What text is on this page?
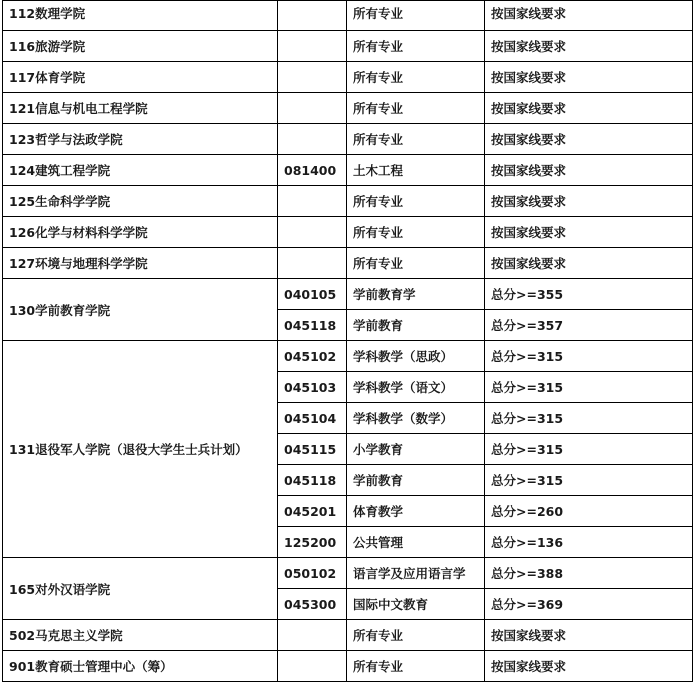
112数理学院		所有专业	按国家线要求
116旅游学院		所有专业	按国家线要求
117体育学院		所有专业	按国家线要求
121信息与机电工程学院		所有专业	按国家线要求
123哲学与法政学院		所有专业	按国家线要求
124建筑工程学院	081400	土木工程	按国家线要求
125生命科学学院		所有专业	按国家线要求
126化学与材料科学学院		所有专业	按国家线要求
127环境与地理科学学院		所有专业	按国家线要求
130学前教育学院	040105	学前教育学	总分>=355
	045118	学前教育	总分>=357
131退役军人学院（退役大学生士兵计划）	045102	学科教学（思政）	总分>=315
	045103	学科教学（语文）	总分>=315
	045104	学科教学（数学）	总分>=315
	045115	小学教育	总分>=315
	045118	学前教育	总分>=315
	045201	体育教学	总分>=260
	125200	公共管理	总分>=136
165对外汉语学院	050102	语言学及应用语言学	总分>=388
	045300	国际中文教育	总分>=369
502马克思主义学院		所有专业	按国家线要求
901教育硕士管理中心（筹）		所有专业	按国家线要求
